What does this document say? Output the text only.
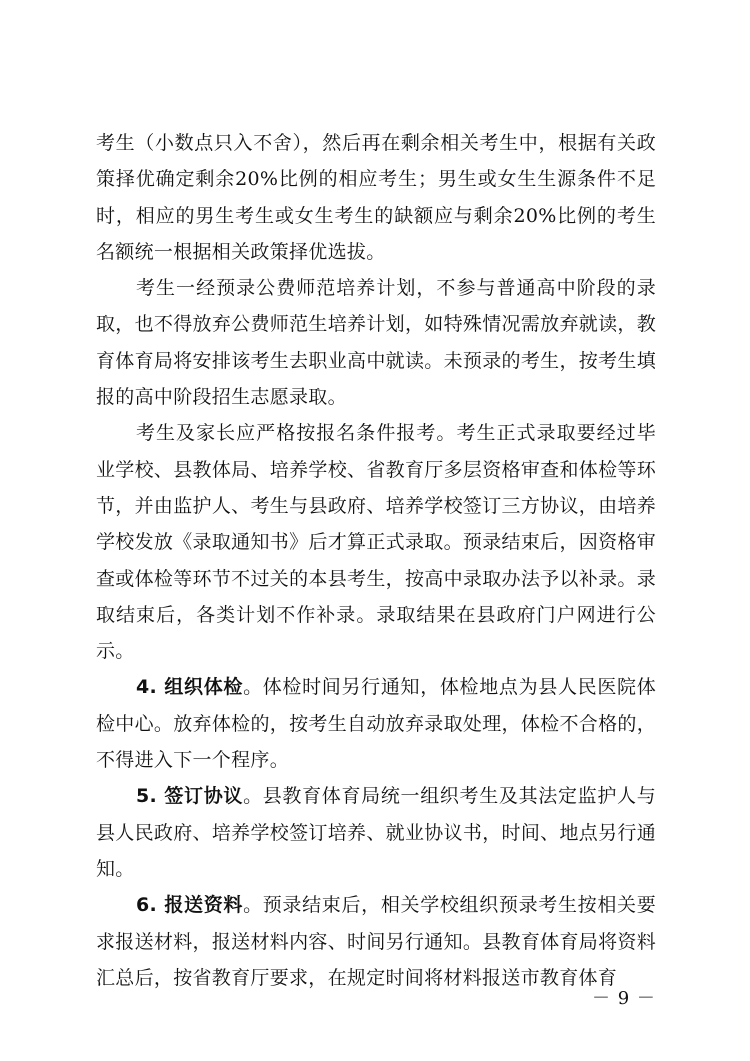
考生（小数点只入不舍），然后再在剩余相关考生中，根据有关政策择优确定剩余20%比例的相应考生；男生或女生生源条件不足时，相应的男生考生或女生考生的缺额应与剩余20%比例的考生名额统一根据相关政策择优选拔。

考生一经预录公费师范培养计划，不参与普通高中阶段的录取，也不得放弃公费师范生培养计划，如特殊情况需放弃就读，教育体育局将安排该考生去职业高中就读。未预录的考生，按考生填报的高中阶段招生志愿录取。

考生及家长应严格按报名条件报考。考生正式录取要经过毕业学校、县教体局、培养学校、省教育厅多层资格审查和体检等环节，并由监护人、考生与县政府、培养学校签订三方协议，由培养学校发放《录取通知书》后才算正式录取。预录结束后，因资格审查或体检等环节不过关的本县考生，按高中录取办法予以补录。录取结束后，各类计划不作补录。录取结果在县政府门户网进行公示。

4. 组织体检。体检时间另行通知，体检地点为县人民医院体检中心。放弃体检的，按考生自动放弃录取处理，体检不合格的，不得进入下一个程序。

5. 签订协议。县教育体育局统一组织考生及其法定监护人与县人民政府、培养学校签订培养、就业协议书，时间、地点另行通知。

6. 报送资料。预录结束后，相关学校组织预录考生按相关要求报送材料，报送材料内容、时间另行通知。县教育体育局将资料汇总后，按省教育厅要求，在规定时间将材料报送市教育体育

－ 9 －
